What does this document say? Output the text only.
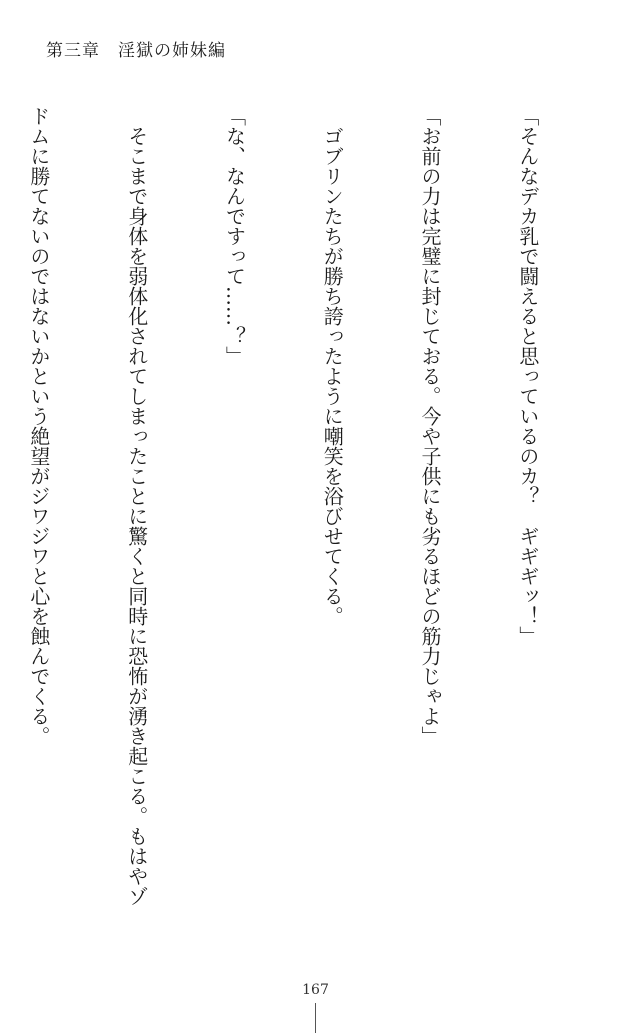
第三章　淫獄の姉妹編

「そんなデカ乳で闘えると思っているのカ？　ギギギッ！」

「お前の力は完璧に封じておる。今や子供にも劣るほどの筋力じゃよ」

　ゴブリンたちが勝ち誇ったように嘲笑を浴びせてくる。

「な、なんですって……？」

　そこまで身体を弱体化されてしまったことに驚くと同時に恐怖が湧き起こる。もはやゾ

ドムに勝てないのではないかという絶望がジワジワと心を蝕んでくる。

167
